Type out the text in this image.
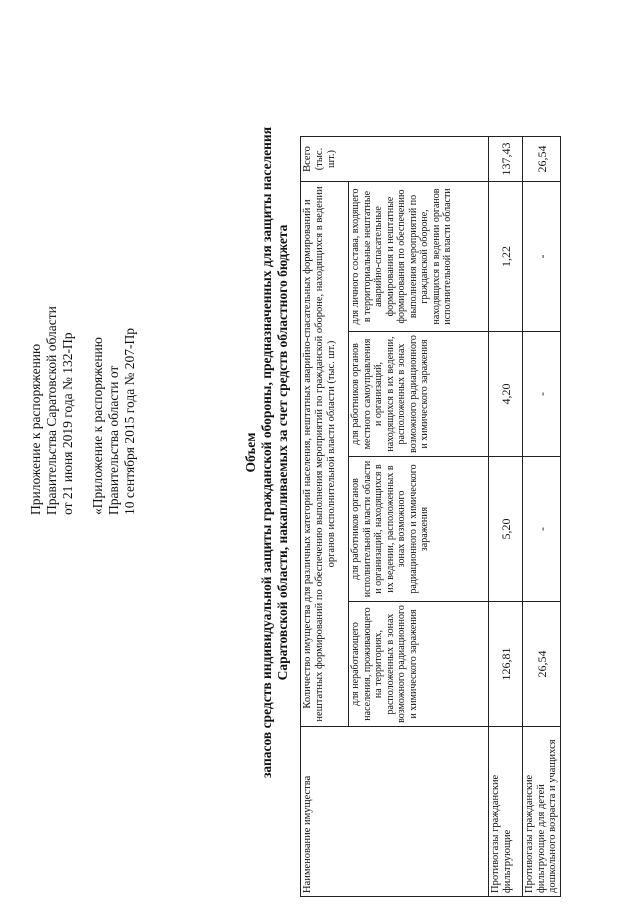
Приложение к распоряжению Правительства Саратовской области от 21 июня 2019 года № 132-Пр «Приложение к распоряжению Правительства области от 10 сентября 2015 года № 207-Пр	Объем запасов средств индивидуальной защиты гражданской обороны, предназначенных для защиты населения Саратовской области, накапливаемых за счет средств областного бюджета

Наименование имущества	Количество имущества для различных категорий населения, нештатных аварийно-спасательных формирований и нештатных формирований по обеспечению выполнения мероприятий по гражданской обороне, находящихся в ведении органов исполнительной власти области (тыс. шт.)				Всего (тыс. шт.)
	для неработающего населения, проживающего на территориях, расположенных в зонах возможного радиационного и химического заражения	для работников органов исполнительной власти области и организаций, находящихся в их ведении, расположенных в зонах возможного радиационного и химического заражения	для работников органов местного самоуправления и организаций, находящихся в их ведении, расположенных в зонах возможного радиационного и химического заражения	для личного состава, входящего в территориальные нештатные аварийно-спасательные формирования и нештатные формирования по обеспечению выполнения мероприятий по гражданской обороне, находящихся в ведении органов исполнительной власти области	
Противогазы гражданские фильтрующие	126,81	5,20	4,20	1,22	137,43
Противогазы гражданские фильтрующие для детей дошкольного возраста и учащихся	26,54	-	-	-	26,54
